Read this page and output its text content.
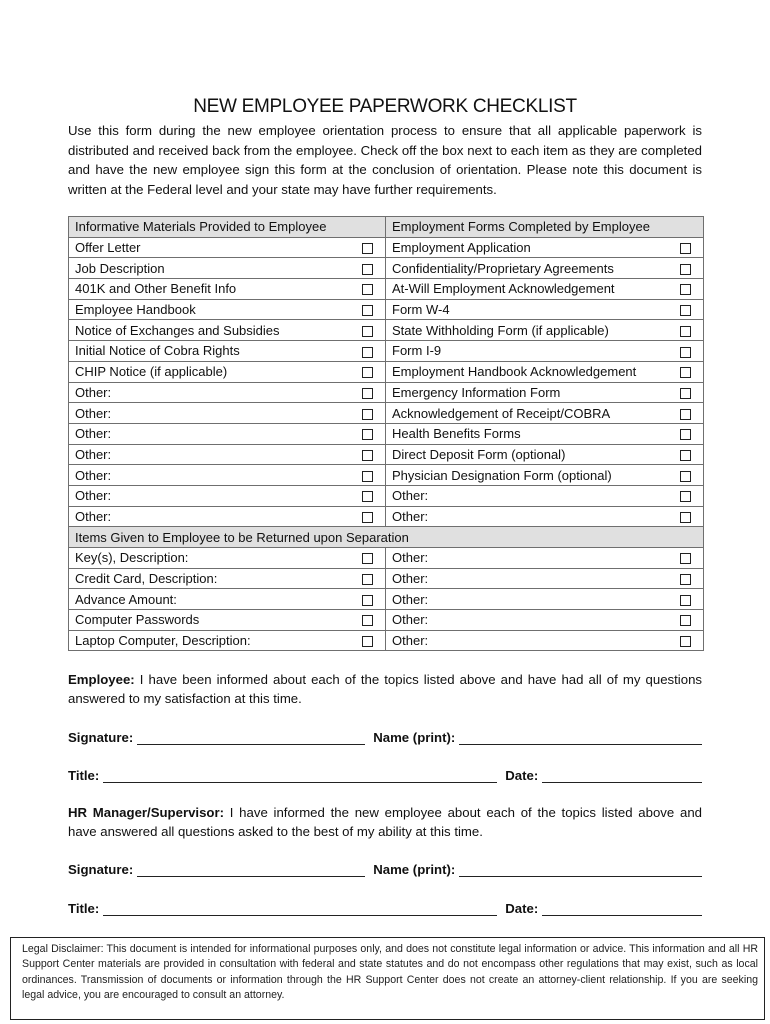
NEW EMPLOYEE PAPERWORK CHECKLIST
Use this form during the new employee orientation process to ensure that all applicable paperwork is distributed and received back from the employee. Check off the box next to each item as they are completed and have the new employee sign this form at the conclusion of orientation. Please note this document is written at the Federal level and your state may have further requirements.
Informative Materials Provided to Employee		Employment Forms Completed by Employee	
Offer Letter		Employment Application	
Job Description		Confidentiality/Proprietary Agreements	
401K and Other Benefit Info		At-Will Employment Acknowledgement	
Employee Handbook		Form W-4	
Notice of Exchanges and Subsidies		State Withholding Form (if applicable)	
Initial Notice of Cobra Rights		Form I-9	
CHIP Notice (if applicable)		Employment Handbook Acknowledgement	
Other:		Emergency Information Form	
Other:		Acknowledgement of Receipt/COBRA	
Other:		Health Benefits Forms	
Other:		Direct Deposit Form (optional)	
Other:		Physician Designation Form (optional)	
Other:		Other:	
Other:		Other:	
Items Given to Employee to be Returned upon Separation			
Key(s), Description:		Other:	
Credit Card, Description:		Other:	
Advance Amount:		Other:	
Computer Passwords		Other:	
Laptop Computer, Description:		Other:	
Employee: I have been informed about each of the topics listed above and have had all of my questions answered to my satisfaction at this time.
Signature:	Name (print):
Title:	Date:
HR Manager/Supervisor: I have informed the new employee about each of the topics listed above and have answered all questions asked to the best of my ability at this time.
Signature:	Name (print):
Title:	Date:
Legal Disclaimer: This document is intended for informational purposes only, and does not constitute legal information or advice. This information and all HR Support Center materials are provided in consultation with federal and state statutes and do not encompass other regulations that may exist, such as local ordinances. Transmission of documents or information through the HR Support Center does not create an attorney-client relationship. If you are seeking legal advice, you are encouraged to consult an attorney.
